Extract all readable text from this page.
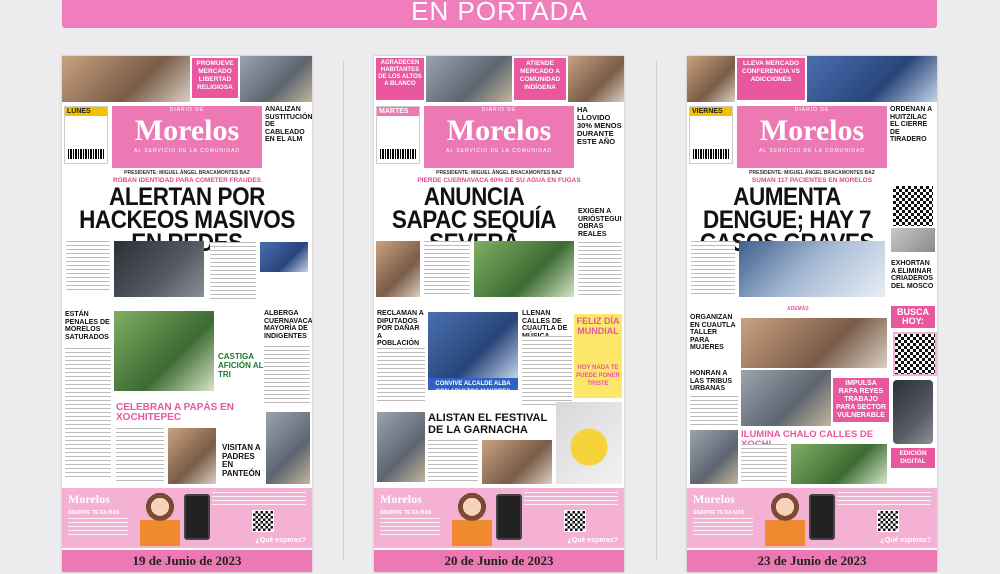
EN PORTADA
PROMUEVE MERCADO LIBERTAD RELIGIOSA
LUNES	DIARIO DE
Morelos
AL SERVICIO DE LA COMUNIDAD
ANALIZAN SUSTITUCIÓN DE CABLEADO EN EL ALM
PRESIDENTE: MIGUEL ÁNGEL BRACAMONTES BAZ
ROBAN IDENTIDAD PARA COMETER FRAUDES
ALERTAN POR HACKEOS MASIVOS REDES
ESTÁN PENALES DE MORELOS SATURADOS
CASTIGA AFICIÓN AL TRI
ALBERGA CUERNAVACA MAYORÍA DE INDIGENTES
CELEBRAN A PAPÁS EN XOCHITEPEC
VISITAN A PADRES EN PANTEÓN
Morelos
SIEMPRE TE DA MÁS
¿Qué esperas?
19 de Junio de 2023
AGRADECEN HABITANTES DE LOS ALTOS A BLANCO
ATIENDE MERCADO A COMUNIDAD INDÍGENA
MARTES	DIARIO DE
Morelos
AL SERVICIO DE LA COMUNIDAD
HA LLOVIDO 30% MENOS DURANTE ESTE AÑO
PRESIDENTE: MIGUEL ÁNGEL BRACAMONTES BAZ
PIERDE CUERNAVACA 60% DE SU AGUA EN FUGAS
ANUNCIA SAPAC SEQUÍA	EXIGEN A URIÓSTEGUI OBRAS REALES
RECLAMAN A DIPUTADOS POR DAÑAR A POBLACIÓN
CONVIVE ALCALDE ALBA CON ADULTOS MAYORES
LLENAN CALLES DE CUAUTLA DE
FELIZ DÍA MUNDIAL
HOY NADA TE PUEDE PONER TRISTE
ALISTAN EL FESTIVAL DE LA GARNACHA
Morelos
SIEMPRE TE DA MÁS
¿Qué esperas?
20 de Junio de 2023
LLEVA MERCADO CONFERENCIA VS ADICCIONES
VIERNES	DIARIO DE
Morelos
AL SERVICIO DE LA COMUNIDAD
ORDENAN A HUITZILAC EL CIERRE DE TIRADERO
PRESIDENTE: MIGUEL ÁNGEL BRACAMONTES BAZ
SUMAN 117 PACIENTES EN MORELOS
AUMENTA DENGUE; HAY 7
EXHORTAN A ELIMINAR CRIADEROS DEL MOSCO
ADEMÁS	BUSCA HOY:
ORGANIZAN EN CUAUTLA TALLER PARA MUJERES
HONRAN A LAS TRIBUS URBANAS
IMPULSA RAFA REYES TRABAJO PARA SECTOR VULNERABLE
ILUMINA CHALO CALLES DE
EDICIÓN DIGITAL
Morelos
SIEMPRE TE DA MÁS
¿Qué esperas?
23 de Junio de 2023
